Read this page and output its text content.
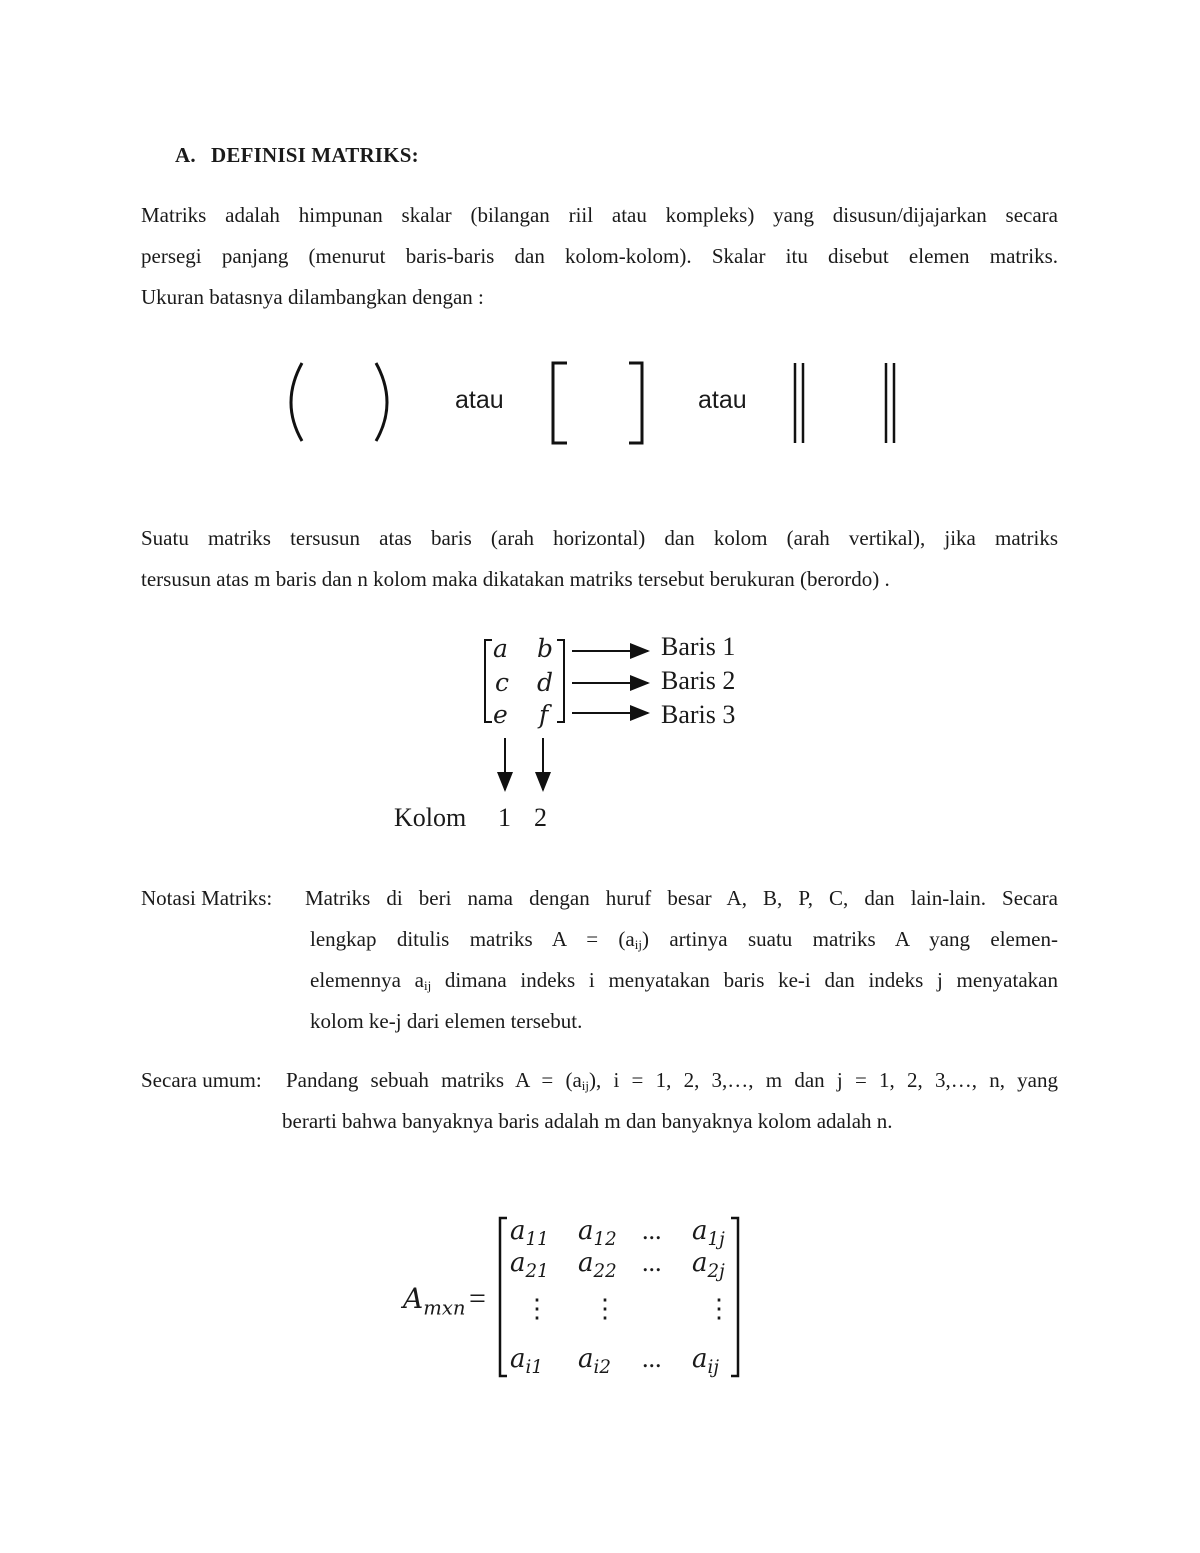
A. DEFINISI MATRIKS:
Matriks adalah himpunan skalar (bilangan riil atau kompleks) yang disusun/dijajarkan secara
persegi panjang (menurut baris-baris dan kolom-kolom). Skalar itu disebut elemen matriks.
Ukuran batasnya dilambangkan dengan :
atau	atau
Suatu matriks tersusun atas baris (arah horizontal) dan kolom (arah vertikal), jika matriks
tersusun atas m baris dan n kolom maka dikatakan matriks tersebut berukuran (berordo) .
a b
c d
e f
Baris 1
Baris 2
Baris 3
Kolom 1 2
Notasi Matriks: Matriks di beri nama dengan huruf besar A, B, P, C, dan lain-lain. Secara
lengkap ditulis matriks $A = (a_{ij})$ artinya suatu matriks A yang elemen-
elemennya $a_{ij}$ dimana indeks i menyatakan baris ke-i dan indeks j menyatakan
kolom ke-j dari elemen tersebut.
Secara umum: Pandang sebuah matriks $A = (a_{ij})$, i = 1, 2, 3,…, m dan j = 1, 2, 3,…, n, yang
berarti bahwa banyaknya baris adalah m dan banyaknya kolom adalah n.
$A_{mxn}$ =
$a_{11}$ $a_{12}$ ... $a_{1j}$
$a_{21}$ $a_{22}$ ... $a_{2j}$
⋮ ⋮	⋮
$a_{i1}$ $a_{i2}$ ... $a_{ij}$
